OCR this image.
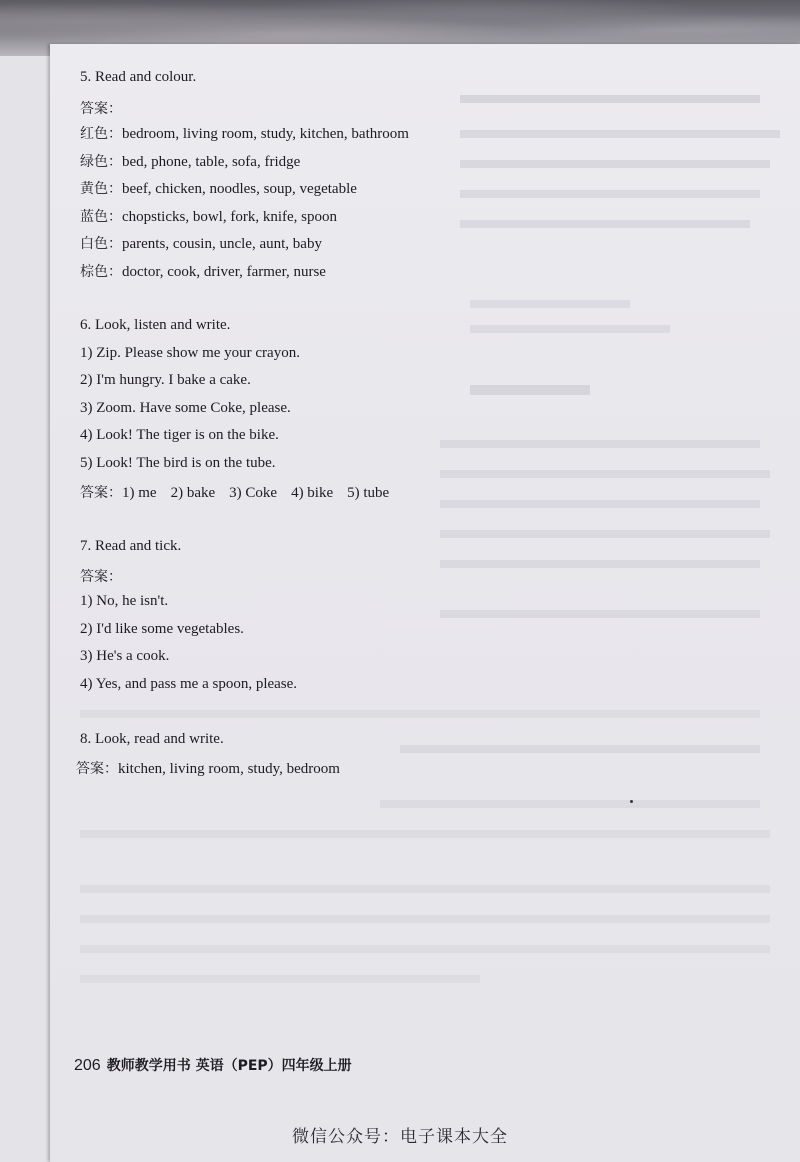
5. Read and colour.
答案：
红色：bedroom, living room, study, kitchen, bathroom
绿色：bed, phone, table, sofa, fridge
黄色：beef, chicken, noodles, soup, vegetable
蓝色：chopsticks, bowl, fork, knife, spoon
白色：parents, cousin, uncle, aunt, baby
棕色：doctor, cook, driver, farmer, nurse
6. Look, listen and write.
1) Zip. Please show me your crayon.
2) I'm hungry. I bake a cake.
3) Zoom. Have some Coke, please.
4) Look! The tiger is on the bike.
5) Look! The bird is on the tube.
答案：1) me 2) bake 3) Coke 4) bike 5) tube
7. Read and tick.
答案：
1) No, he isn't.
2) I'd like some vegetables.
3) He's a cook.
4) Yes, and pass me a spoon, please.
8. Look, read and write.
答案：kitchen, living room, study, bedroom
206 教师教学用书 英语（PEP）四年级上册
微信公众号：电子课本大全
